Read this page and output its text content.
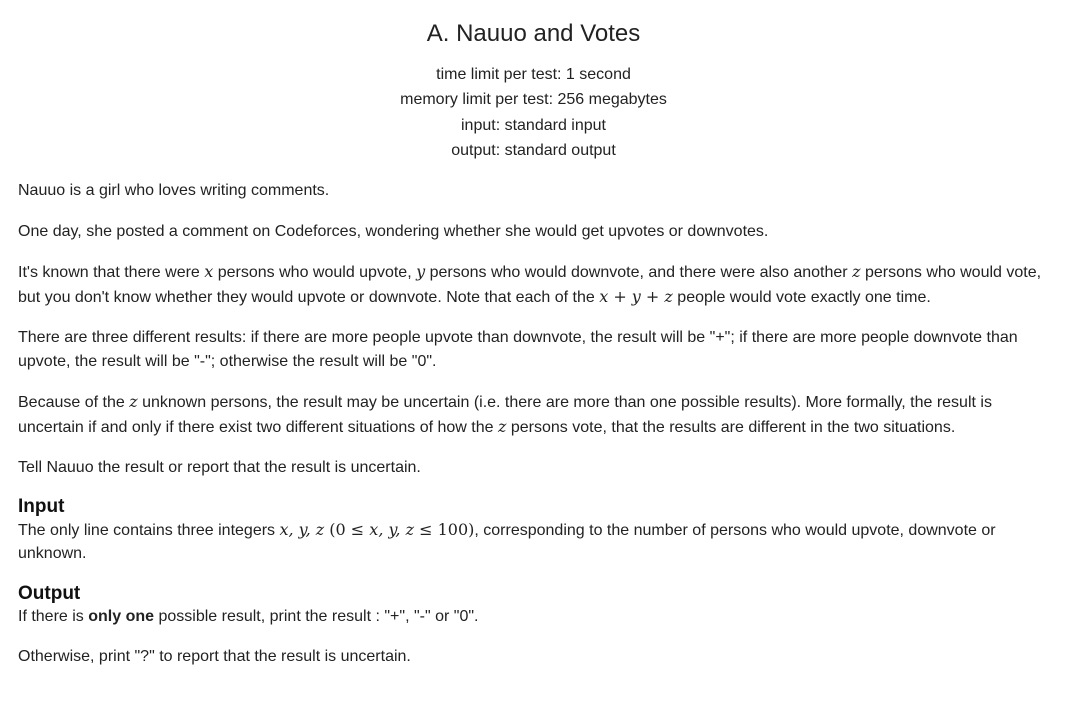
A. Nauuo and Votes
time limit per test: 1 second
memory limit per test: 256 megabytes
input: standard input
output: standard output

Nauuo is a girl who loves writing comments.

One day, she posted a comment on Codeforces, wondering whether she would get upvotes or downvotes.

It's known that there were x persons who would upvote, y persons who would downvote, and there were also another z persons who would vote, but you don't know whether they would upvote or downvote. Note that each of the x + y + z people would vote exactly one time.

There are three different results: if there are more people upvote than downvote, the result will be "+"; if there are more people downvote than upvote, the result will be "-"; otherwise the result will be "0".

Because of the z unknown persons, the result may be uncertain (i.e. there are more than one possible results). More formally, the result is uncertain if and only if there exist two different situations of how the z persons vote, that the results are different in the two situations.

Tell Nauuo the result or report that the result is uncertain.

Input

The only line contains three integers x, y, z (0 ≤ x, y, z ≤ 100), corresponding to the number of persons who would upvote, downvote or unknown.

Output

If there is only one possible result, print the result : "+", "-" or "0".

Otherwise, print "?" to report that the result is uncertain.
